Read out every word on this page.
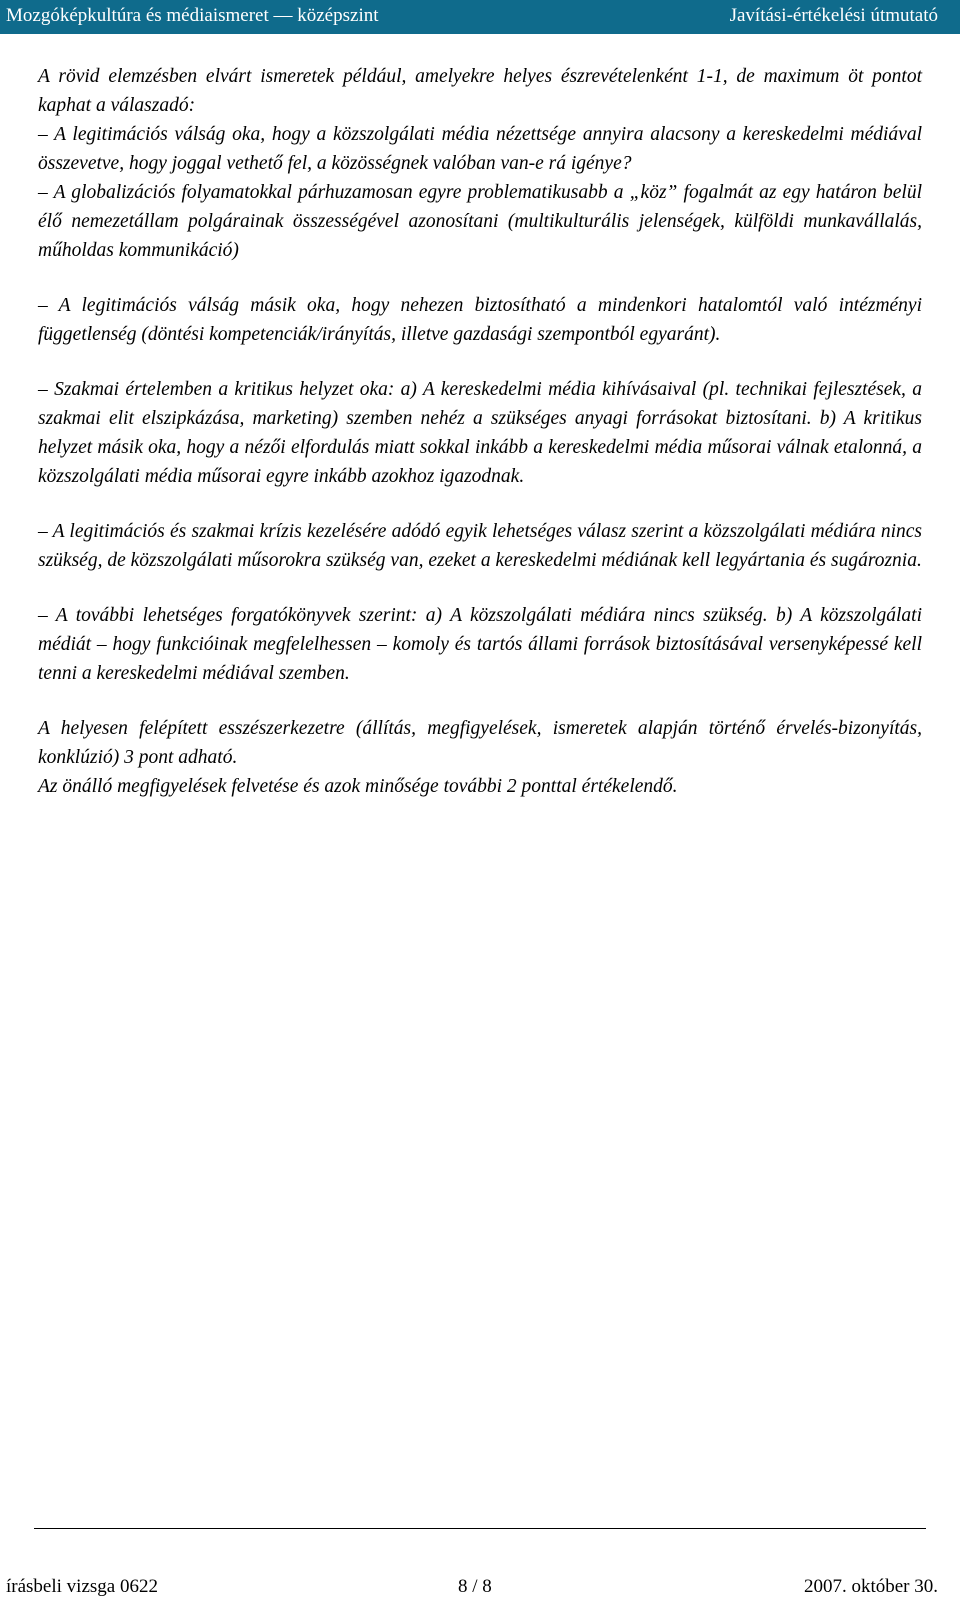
Mozgóképkultúra és médiaismeret — középszint	Javítási-értékelési útmutató

A rövid elemzésben elvárt ismeretek például, amelyekre helyes észrevételenként 1-1, de maximum öt pontot kaphat a válaszadó:

– A legitimációs válság oka, hogy a közszolgálati média nézettsége annyira alacsony a kereskedelmi médiával összevetve, hogy joggal vethető fel, a közösségnek valóban van-e rá igénye?

– A globalizációs folyamatokkal párhuzamosan egyre problematikusabb a „köz” fogalmát az egy határon belül élő nemezetállam polgárainak összességével azonosítani (multikulturális jelenségek, külföldi munkavállalás, műholdas kommunikáció)

– A legitimációs válság másik oka, hogy nehezen biztosítható a mindenkori hatalomtól való intézményi függetlenség (döntési kompetenciák/irányítás, illetve gazdasági szempontból egyaránt).

– Szakmai értelemben a kritikus helyzet oka: a) A kereskedelmi média kihívásaival (pl. technikai fejlesztések, a szakmai elit elszipkázása, marketing) szemben nehéz a szükséges anyagi forrásokat biztosítani. b) A kritikus helyzet másik oka, hogy a nézői elfordulás miatt sokkal inkább a kereskedelmi média műsorai válnak etalonná, a közszolgálati média műsorai egyre inkább azokhoz igazodnak.

– A legitimációs és szakmai krízis kezelésére adódó egyik lehetséges válasz szerint a közszolgálati médiára nincs szükség, de közszolgálati műsorokra szükség van, ezeket a kereskedelmi médiának kell legyártania és sugároznia.

– A további lehetséges forgatókönyvek szerint: a) A közszolgálati médiára nincs szükség. b) A közszolgálati médiát – hogy funkcióinak megfelelhessen – komoly és tartós állami források biztosításával versenyképessé kell tenni a kereskedelmi médiával szemben.

A helyesen felépített esszészerkezetre (állítás, megfigyelések, ismeretek alapján történő érvelés-bizonyítás, konklúzió) 3 pont adható.

Az önálló megfigyelések felvetése és azok minősége további 2 ponttal értékelendő.

írásbeli vizsga 0622	8 / 8	2007. október 30.
